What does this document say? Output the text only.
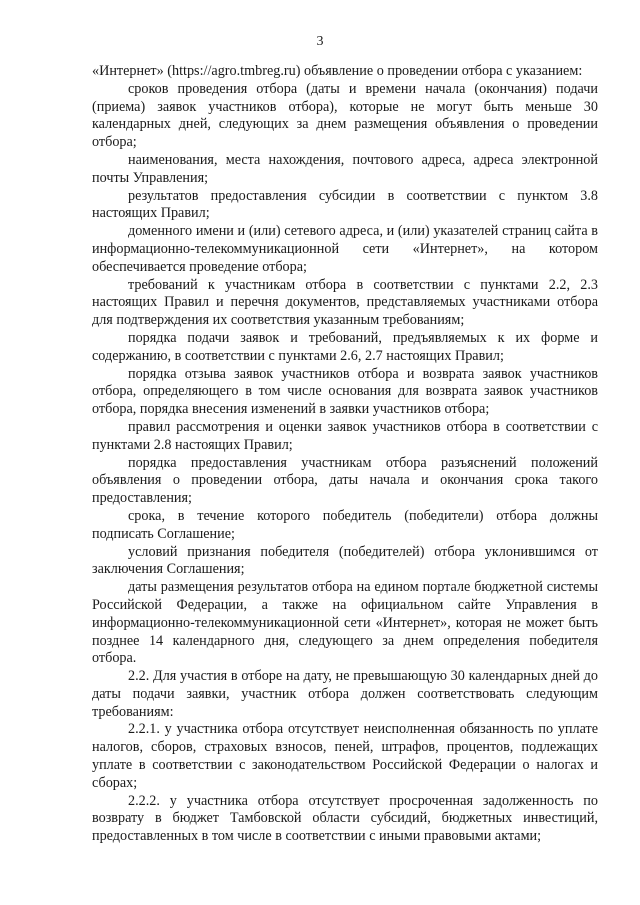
3

«Интернет» (https://agro.tmbreg.ru) объявление о проведении отбора с указанием:

сроков проведения отбора (даты и времени начала (окончания) подачи (приема) заявок участников отбора), которые не могут быть меньше 30 календарных дней, следующих за днем размещения объявления о проведении отбора;

наименования, места нахождения, почтового адреса, адреса электронной почты Управления;

результатов предоставления субсидии в соответствии с пунктом 3.8 настоящих Правил;

доменного имени и (или) сетевого адреса, и (или) указателей страниц сайта в информационно-телекоммуникационной сети «Интернет», на котором обеспечивается проведение отбора;

требований к участникам отбора в соответствии с пунктами 2.2, 2.3 настоящих Правил и перечня документов, представляемых участниками отбора для подтверждения их соответствия указанным требованиям;

порядка подачи заявок и требований, предъявляемых к их форме и содержанию, в соответствии с пунктами 2.6, 2.7 настоящих Правил;

порядка отзыва заявок участников отбора и возврата заявок участников отбора, определяющего в том числе основания для возврата заявок участников отбора, порядка внесения изменений в заявки участников отбора;

правил рассмотрения и оценки заявок участников отбора в соответствии с пунктами 2.8 настоящих Правил;

порядка предоставления участникам отбора разъяснений положений объявления о проведении отбора, даты начала и окончания срока такого предоставления;

срока, в течение которого победитель (победители) отбора должны подписать Соглашение;

условий признания победителя (победителей) отбора уклонившимся от заключения Соглашения;

даты размещения результатов отбора на едином портале бюджетной системы Российской Федерации, а также на официальном сайте Управления в информационно-телекоммуникационной сети «Интернет», которая не может быть позднее 14 календарного дня, следующего за днем определения победителя отбора.

2.2. Для участия в отборе на дату, не превышающую 30 календарных дней до даты подачи заявки, участник отбора должен соответствовать следующим требованиям:

2.2.1. у участника отбора отсутствует неисполненная обязанность по уплате налогов, сборов, страховых взносов, пеней, штрафов, процентов, подлежащих уплате в соответствии с законодательством Российской Федерации о налогах и сборах;

2.2.2. у участника отбора отсутствует просроченная задолженность по возврату в бюджет Тамбовской области субсидий, бюджетных инвестиций, предоставленных в том числе в соответствии с иными правовыми актами;
